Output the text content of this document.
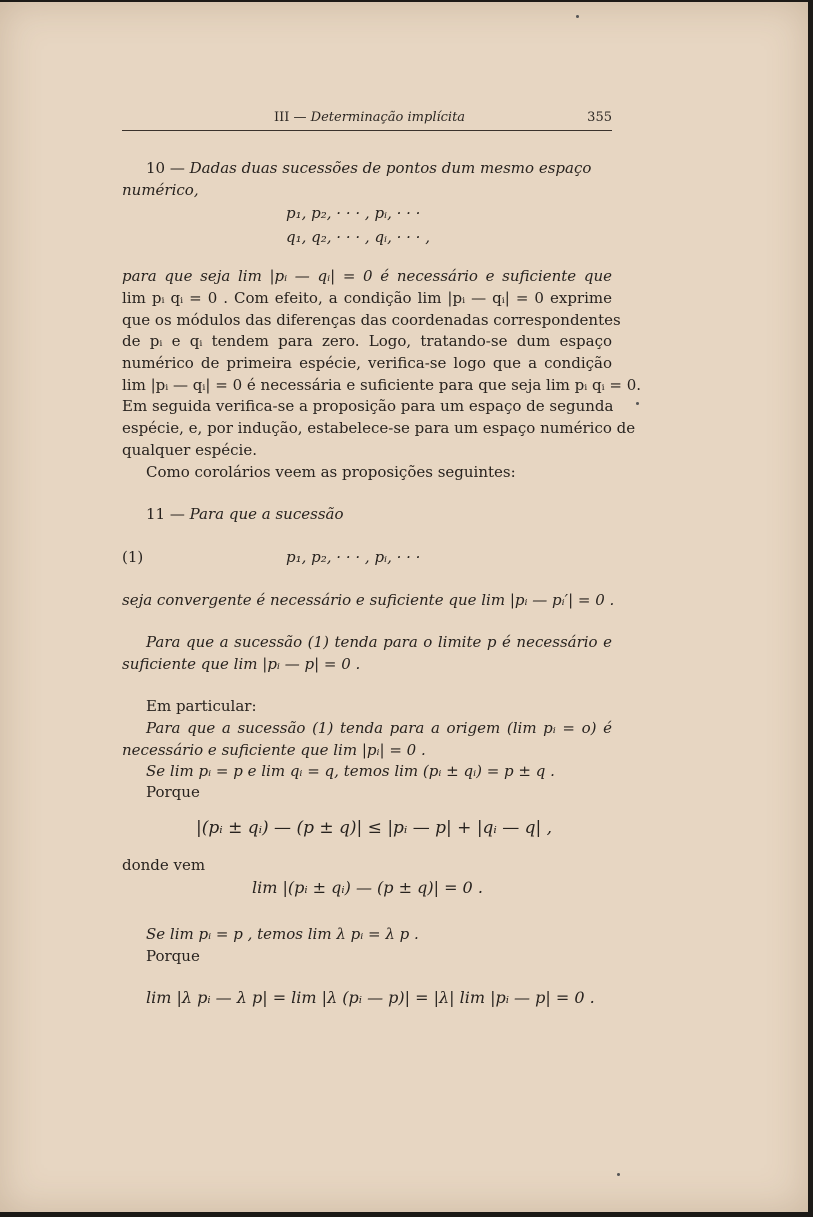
III — Determinação implícita	355
10 — Dadas duas sucessões de pontos dum mesmo espaço
numérico,
p₁, p₂, · · · , pᵢ, · · ·
q₁, q₂, · · · , qᵢ, · · · ,
para que seja lim |pᵢ — qᵢ| = 0 é necessário e suficiente que
lim pᵢ qᵢ = 0 . Com efeito, a condição lim |pᵢ — qᵢ| = 0 exprime
que os módulos das diferenças das coordenadas correspondentes
de pᵢ e qᵢ tendem para zero. Logo, tratando-se dum espaço
numérico de primeira espécie, verifica-se logo que a condição
lim |pᵢ — qᵢ| = 0 é necessária e suficiente para que seja lim pᵢ qᵢ = 0.
Em seguida verifica-se a proposição para um espaço de segunda
espécie, e, por indução, estabelece-se para um espaço numérico de
qualquer espécie.
Como corolários veem as proposições seguintes:
11 — Para que a sucessão
(1)	p₁, p₂, · · · , pᵢ, · · ·
seja convergente é necessário e suficiente que lim |pᵢ — pᵢ′| = 0 .
Para que a sucessão (1) tenda para o limite p é necessário e
suficiente que lim |pᵢ — p| = 0 .
Em particular:
Para que a sucessão (1) tenda para a origem (lim pᵢ = o) é
necessário e suficiente que lim |pᵢ| = 0 .
Se lim pᵢ = p e lim qᵢ = q, temos lim (pᵢ ± qᵢ) = p ± q .
Porque
|(pᵢ ± qᵢ) — (p ± q)| ≤ |pᵢ — p| + |qᵢ — q| ,
donde vem
lim |(pᵢ ± qᵢ) — (p ± q)| = 0 .
Se lim pᵢ = p , temos lim λ pᵢ = λ p .
Porque
lim |λ pᵢ — λ p| = lim |λ (pᵢ — p)| = |λ| lim |pᵢ — p| = 0 .
